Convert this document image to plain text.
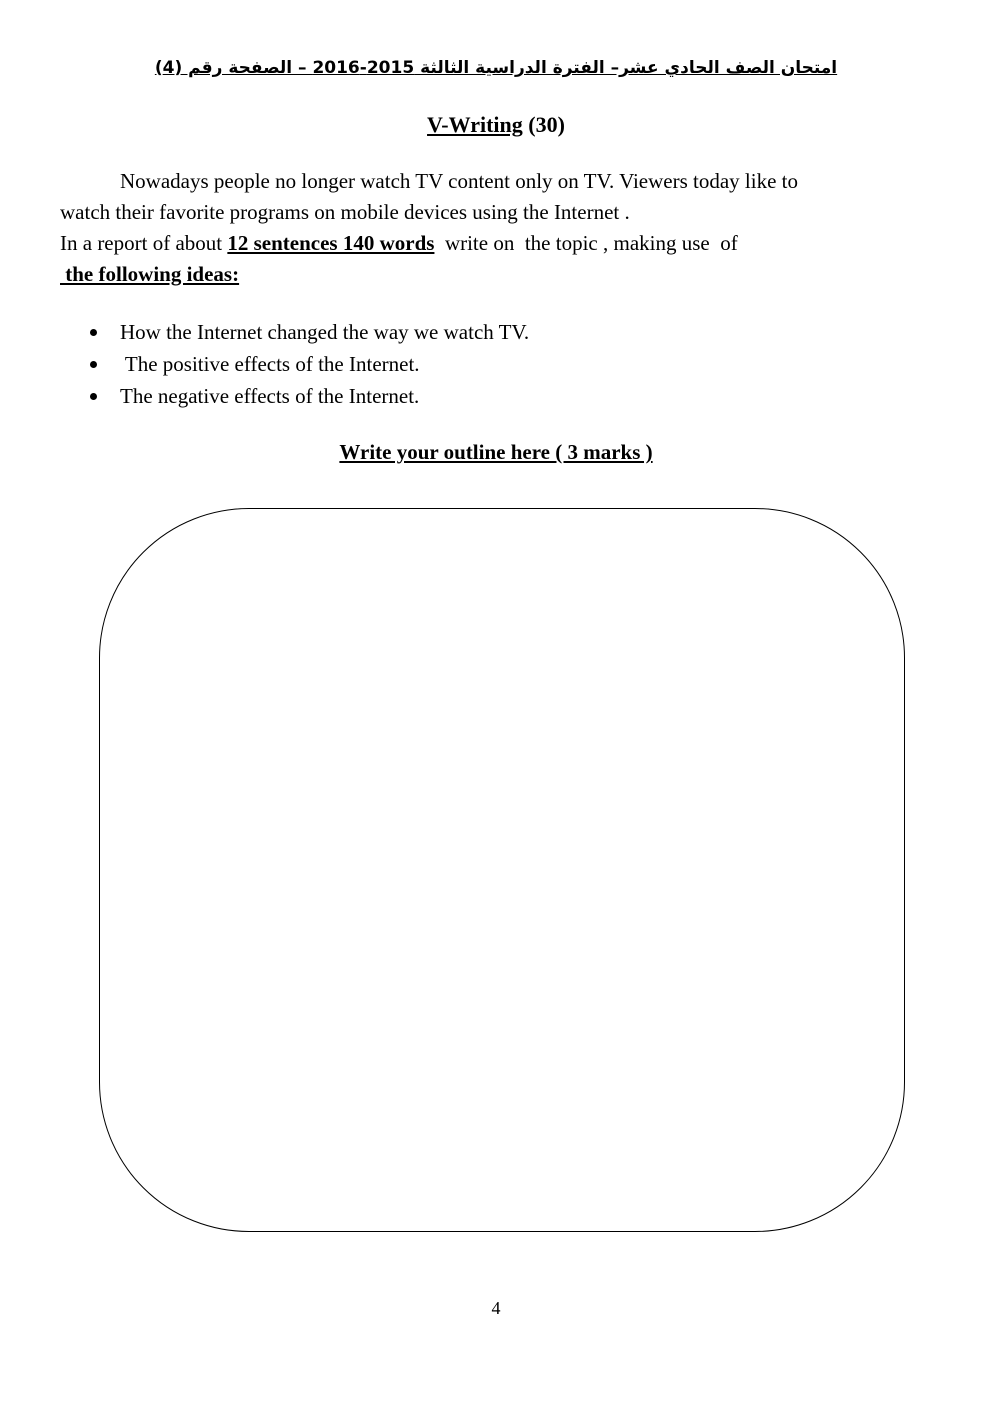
امتحان الصف الحادي عشر– الفترة الدراسية الثالثة 2015-2016 – الصفحة رقم (4)
V-Writing (30)
Nowadays people no longer watch TV content only on TV. Viewers today like to
watch their favorite programs on mobile devices using the Internet .
In a report of about 12 sentences 140 words  write on  the topic , making use  of
the following ideas:
How the Internet changed the way we watch TV.
The positive effects of the Internet.
The negative effects of the Internet.
Write your outline here ( 3 marks )
4
